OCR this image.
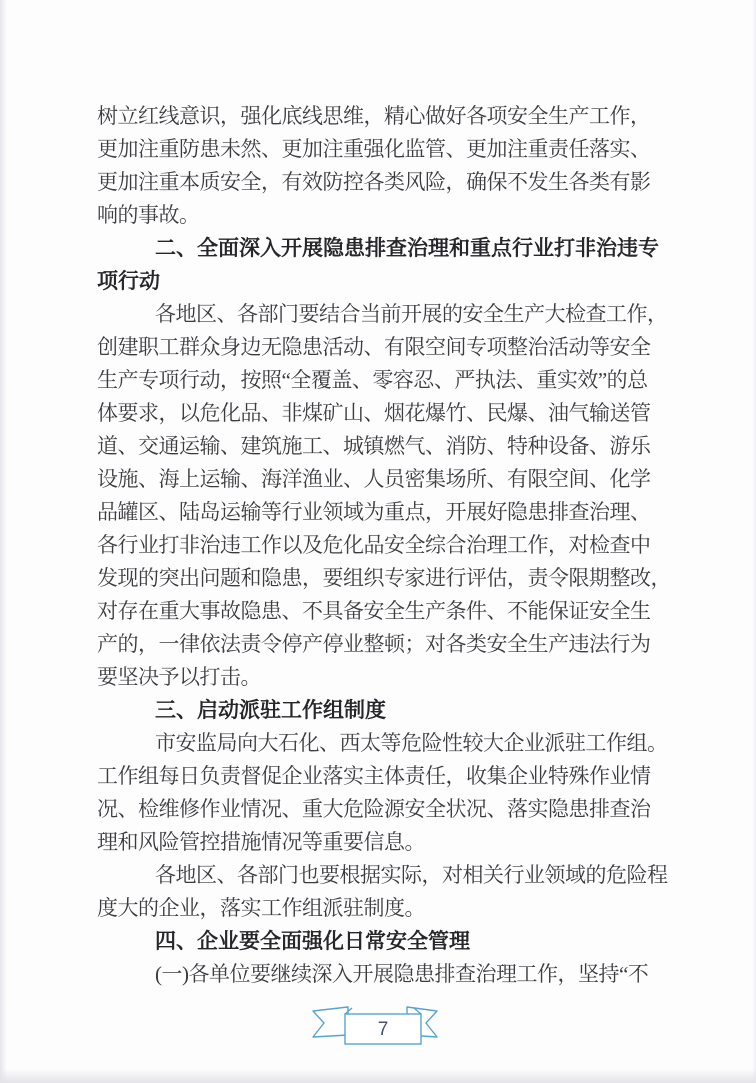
树立红线意识，强化底线思维，精心做好各项安全生产工作，
更加注重防患未然、更加注重强化监管、更加注重责任落实、
更加注重本质安全，有效防控各类风险，确保不发生各类有影
响的事故。
二、全面深入开展隐患排查治理和重点行业打非治违专
项行动
各地区、各部门要结合当前开展的安全生产大检查工作，
创建职工群众身边无隐患活动、有限空间专项整治活动等安全
生产专项行动，按照“全覆盖、零容忍、严执法、重实效”的总
体要求，以危化品、非煤矿山、烟花爆竹、民爆、油气输送管
道、交通运输、建筑施工、城镇燃气、消防、特种设备、游乐
设施、海上运输、海洋渔业、人员密集场所、有限空间、化学
品罐区、陆岛运输等行业领域为重点，开展好隐患排查治理、
各行业打非治违工作以及危化品安全综合治理工作，对检查中
发现的突出问题和隐患，要组织专家进行评估，责令限期整改，
对存在重大事故隐患、不具备安全生产条件、不能保证安全生
产的，一律依法责令停产停业整顿；对各类安全生产违法行为
要坚决予以打击。
三、启动派驻工作组制度
市安监局向大石化、西太等危险性较大企业派驻工作组。
工作组每日负责督促企业落实主体责任，收集企业特殊作业情
况、检维修作业情况、重大危险源安全状况、落实隐患排查治
理和风险管控措施情况等重要信息。
各地区、各部门也要根据实际，对相关行业领域的危险程
度大的企业，落实工作组派驻制度。
四、企业要全面强化日常安全管理
(一)各单位要继续深入开展隐患排查治理工作，坚持“不
7
